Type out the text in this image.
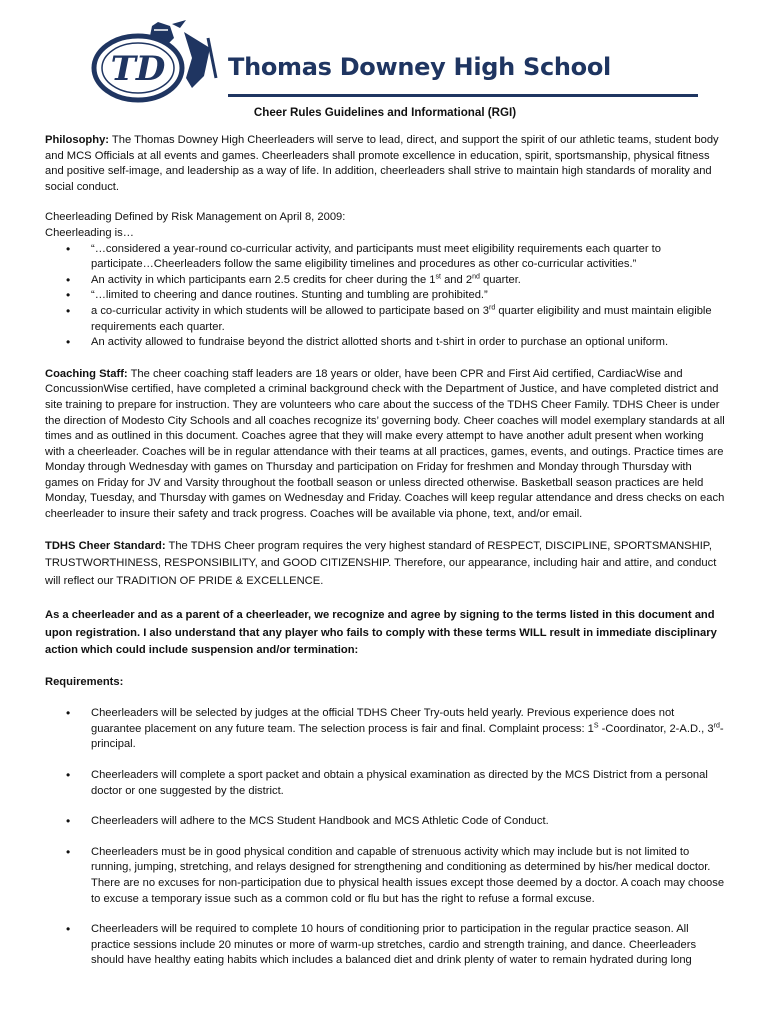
TD	Thomas Downey High School
Cheer Rules Guidelines and Informational (RGI)

Philosophy: The Thomas Downey High Cheerleaders will serve to lead, direct, and support the spirit of our athletic teams, student body and MCS Officials at all events and games. Cheerleaders shall promote excellence in education, spirit, sportsmanship, physical fitness and positive self-image, and leadership as a way of life. In addition, cheerleaders shall strive to maintain high standards of morality and social conduct.

Cheerleading Defined by Risk Management on April 8, 2009:

Cheerleading is…

• “…considered a year-round co-curricular activity, and participants must meet eligibility requirements each quarter to participate…Cheerleaders follow the same eligibility timelines and procedures as other co-curricular activities.”
• An activity in which participants earn 2.5 credits for cheer during the 1st and 2nd quarter.
• “…limited to cheering and dance routines. Stunting and tumbling are prohibited.”
• a co-curricular activity in which students will be allowed to participate based on 3rd quarter eligibility and must maintain eligible requirements each quarter.
• An activity allowed to fundraise beyond the district allotted shorts and t-shirt in order to purchase an optional uniform.

Coaching Staff: The cheer coaching staff leaders are 18 years or older, have been CPR and First Aid certified, CardiacWise and ConcussionWise certified, have completed a criminal background check with the Department of Justice, and have completed district and site training to prepare for instruction. They are volunteers who care about the success of the TDHS Cheer Family. TDHS Cheer is under the direction of Modesto City Schools and all coaches recognize its’ governing body. Cheer coaches will model exemplary standards at all times and as outlined in this document. Coaches agree that they will make every attempt to have another adult present when working with a cheerleader. Coaches will be in regular attendance with their teams at all practices, games, events, and outings. Practice times are Monday through Wednesday with games on Thursday and participation on Friday for freshmen and Monday through Thursday with games on Friday for JV and Varsity throughout the football season or unless directed otherwise. Basketball season practices are held Monday, Tuesday, and Thursday with games on Wednesday and Friday. Coaches will keep regular attendance and dress checks on each cheerleader to insure their safety and track progress. Coaches will be available via phone, text, and/or email.

TDHS Cheer Standard: The TDHS Cheer program requires the very highest standard of RESPECT, DISCIPLINE, SPORTSMANSHIP, TRUSTWORTHINESS, RESPONSIBILITY, and GOOD CITIZENSHIP. Therefore, our appearance, including hair and attire, and conduct will reflect our TRADITION OF PRIDE & EXCELLENCE.

As a cheerleader and as a parent of a cheerleader, we recognize and agree by signing to the terms listed in this document and upon registration. I also understand that any player who fails to comply with these terms WILL result in immediate disciplinary action which could include suspension and/or termination:

Requirements:

• Cheerleaders will be selected by judges at the official TDHS Cheer Try-outs held yearly. Previous experience does not guarantee placement on any future team. The selection process is fair and final. Complaint process: $1^S$ -Coordinator, 2-A.D., 3rd-principal.
• Cheerleaders will complete a sport packet and obtain a physical examination as directed by the MCS District from a personal doctor or one suggested by the district.
• Cheerleaders will adhere to the MCS Student Handbook and MCS Athletic Code of Conduct.
• Cheerleaders must be in good physical condition and capable of strenuous activity which may include but is not limited to running, jumping, stretching, and relays designed for strengthening and conditioning as determined by his/her medical doctor. There are no excuses for non-participation due to physical health issues except those deemed by a doctor. A coach may choose to excuse a temporary issue such as a common cold or flu but has the right to refuse a formal excuse.
• Cheerleaders will be required to complete 10 hours of conditioning prior to participation in the regular practice season. All practice sessions include 20 minutes or more of warm-up stretches, cardio and strength training, and dance. Cheerleaders should have healthy eating habits which includes a balanced diet and drink plenty of water to remain hydrated during long
